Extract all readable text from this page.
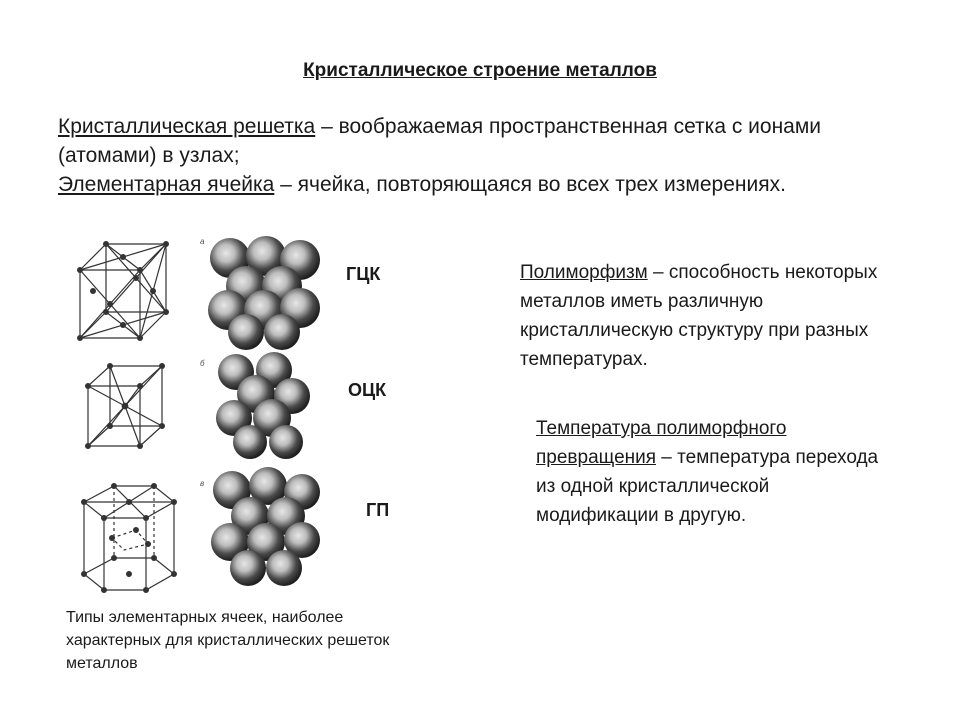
Кристаллическое строение металлов
Кристаллическая решетка – воображаемая пространственная сетка с ионами (атомами) в узлах;
Элементарная ячейка – ячейка, повторяющаяся во всех трех измерениях.
a
б
в
ГЦК
ОЦК
ГП
Полиморфизм – способность некоторых металлов иметь различную кристаллическую структуру при разных температурах.
Температура полиморфного превращения – температура перехода из одной кристаллической модификации в другую.
Типы элементарных ячеек, наиболее характерных для кристаллических решеток металлов
